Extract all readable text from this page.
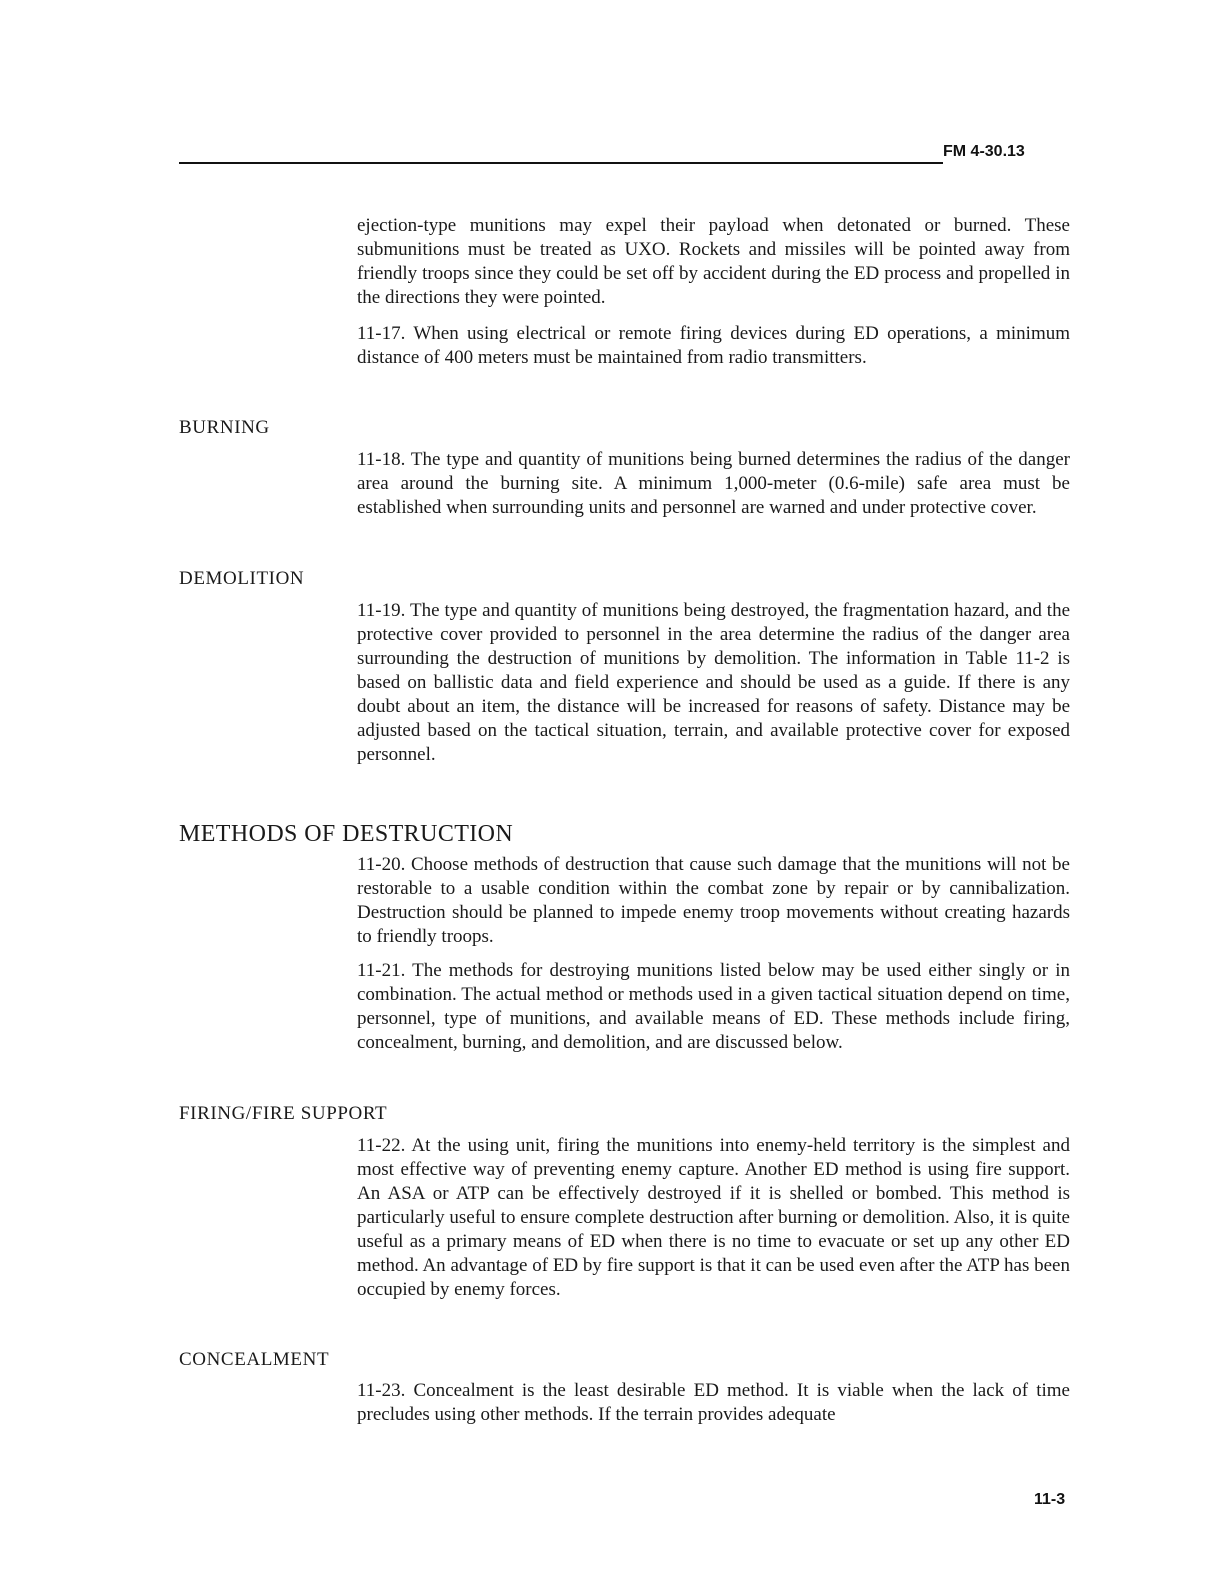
FM 4-30.13

ejection-type munitions may expel their payload when detonated or burned. These submunitions must be treated as UXO. Rockets and missiles will be pointed away from friendly troops since they could be set off by accident during the ED process and propelled in the directions they were pointed.

11-17. When using electrical or remote firing devices during ED operations, a minimum distance of 400 meters must be maintained from radio transmitters.

BURNING

11-18. The type and quantity of munitions being burned determines the radius of the danger area around the burning site. A minimum 1,000-meter (0.6-mile) safe area must be established when surrounding units and personnel are warned and under protective cover.

DEMOLITION

11-19. The type and quantity of munitions being destroyed, the fragmentation hazard, and the protective cover provided to personnel in the area determine the radius of the danger area surrounding the destruction of munitions by demolition. The information in Table 11-2 is based on ballistic data and field experience and should be used as a guide. If there is any doubt about an item, the distance will be increased for reasons of safety. Distance may be adjusted based on the tactical situation, terrain, and available protective cover for exposed personnel.

METHODS OF DESTRUCTION

11-20. Choose methods of destruction that cause such damage that the munitions will not be restorable to a usable condition within the combat zone by repair or by cannibalization. Destruction should be planned to impede enemy troop movements without creating hazards to friendly troops.

11-21. The methods for destroying munitions listed below may be used either singly or in combination. The actual method or methods used in a given tactical situation depend on time, personnel, type of munitions, and available means of ED. These methods include firing, concealment, burning, and demolition, and are discussed below.

FIRING/FIRE SUPPORT

11-22. At the using unit, firing the munitions into enemy-held territory is the simplest and most effective way of preventing enemy capture. Another ED method is using fire support. An ASA or ATP can be effectively destroyed if it is shelled or bombed. This method is particularly useful to ensure complete destruction after burning or demolition. Also, it is quite useful as a primary means of ED when there is no time to evacuate or set up any other ED method. An advantage of ED by fire support is that it can be used even after the ATP has been occupied by enemy forces.

CONCEALMENT

11-23. Concealment is the least desirable ED method. It is viable when the lack of time precludes using other methods. If the terrain provides adequate

11-3
